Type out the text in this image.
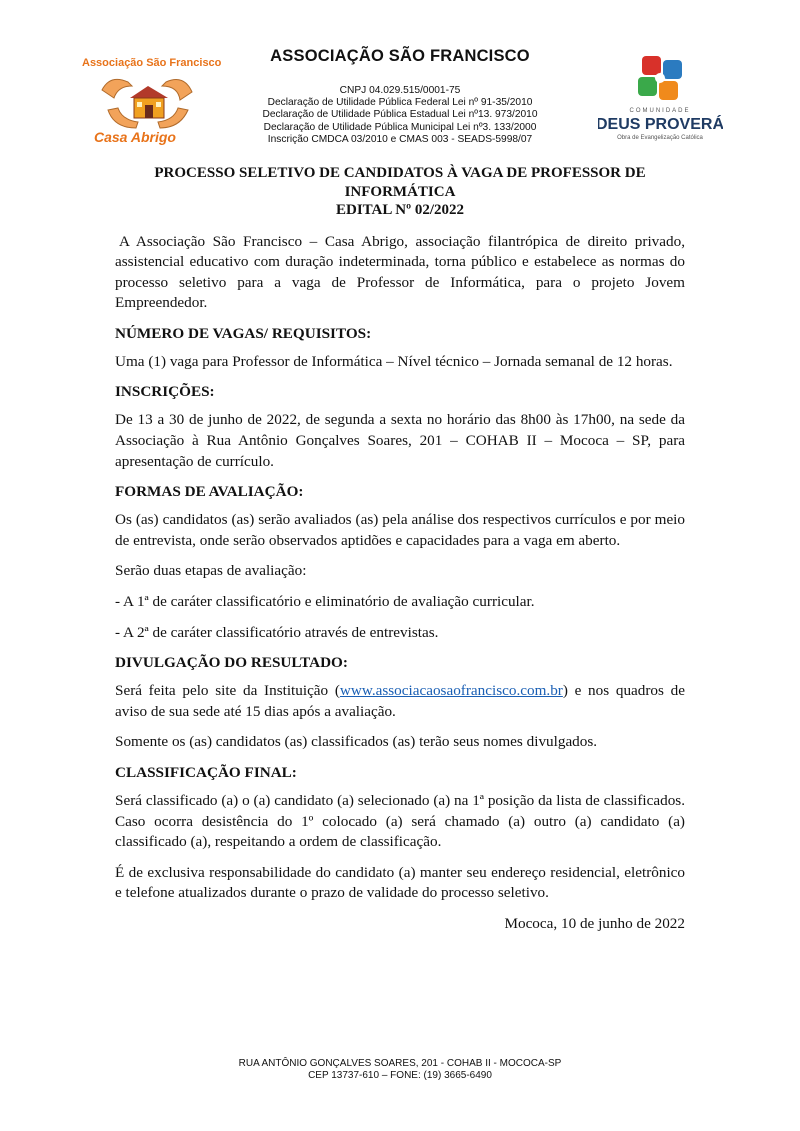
Associação São Francisco
Casa Abrigo
ASSOCIAÇÃO SÃO FRANCISCO
CNPJ 04.029.515/0001-75
Declaração de Utilidade Pública Federal Lei nº 91-35/2010
Declaração de Utilidade Pública Estadual Lei nº13. 973/2010
Declaração de Utilidade Pública Municipal Lei nº3. 133/2000
Inscrição CMDCA 03/2010 e CMAS 003 - SEADS-5998/07
COMUNIDADE
DEUS PROVERÁ
Obra de Evangelização Católica
PROCESSO SELETIVO DE CANDIDATOS À VAGA DE PROFESSOR DE
INFORMÁTICA
EDITAL Nº 02/2022

A Associação São Francisco – Casa Abrigo, associação filantrópica de direito privado, assistencial educativo com duração indeterminada, torna público e estabelece as normas do processo seletivo para a vaga de Professor de Informática, para o projeto Jovem Empreendedor.

NÚMERO DE VAGAS/ REQUISITOS:

Uma (1) vaga para Professor de Informática – Nível técnico – Jornada semanal de 12 horas.

INSCRIÇÕES:

De 13 a 30 de junho de 2022, de segunda a sexta no horário das 8h00 às 17h00, na sede da Associação à Rua Antônio Gonçalves Soares, 201 – COHAB II – Mococa – SP, para apresentação de currículo.

FORMAS DE AVALIAÇÃO:

Os (as) candidatos (as) serão avaliados (as) pela análise dos respectivos currículos e por meio de entrevista, onde serão observados aptidões e capacidades para a vaga em aberto.

Serão duas etapas de avaliação:

- A 1ª de caráter classificatório e eliminatório de avaliação curricular.

- A 2ª de caráter classificatório através de entrevistas.

DIVULGAÇÃO DO RESULTADO:

Será feita pelo site da Instituição (www.associacaosaofrancisco.com.br) e nos quadros de aviso de sua sede até 15 dias após a avaliação.

Somente os (as) candidatos (as) classificados (as) terão seus nomes divulgados.

CLASSIFICAÇÃO FINAL:

Será classificado (a) o (a) candidato (a) selecionado (a) na 1ª posição da lista de classificados. Caso ocorra desistência do 1º colocado (a) será chamado (a) outro (a) candidato (a) classificado (a), respeitando a ordem de classificação.

É de exclusiva responsabilidade do candidato (a) manter seu endereço residencial, eletrônico e telefone atualizados durante o prazo de validade do processo seletivo.

Mococa, 10 de junho de 2022

RUA ANTÔNIO GONÇALVES SOARES, 201 - COHAB II - MOCOCA-SP
CEP 13737-610 – FONE: (19) 3665-6490
